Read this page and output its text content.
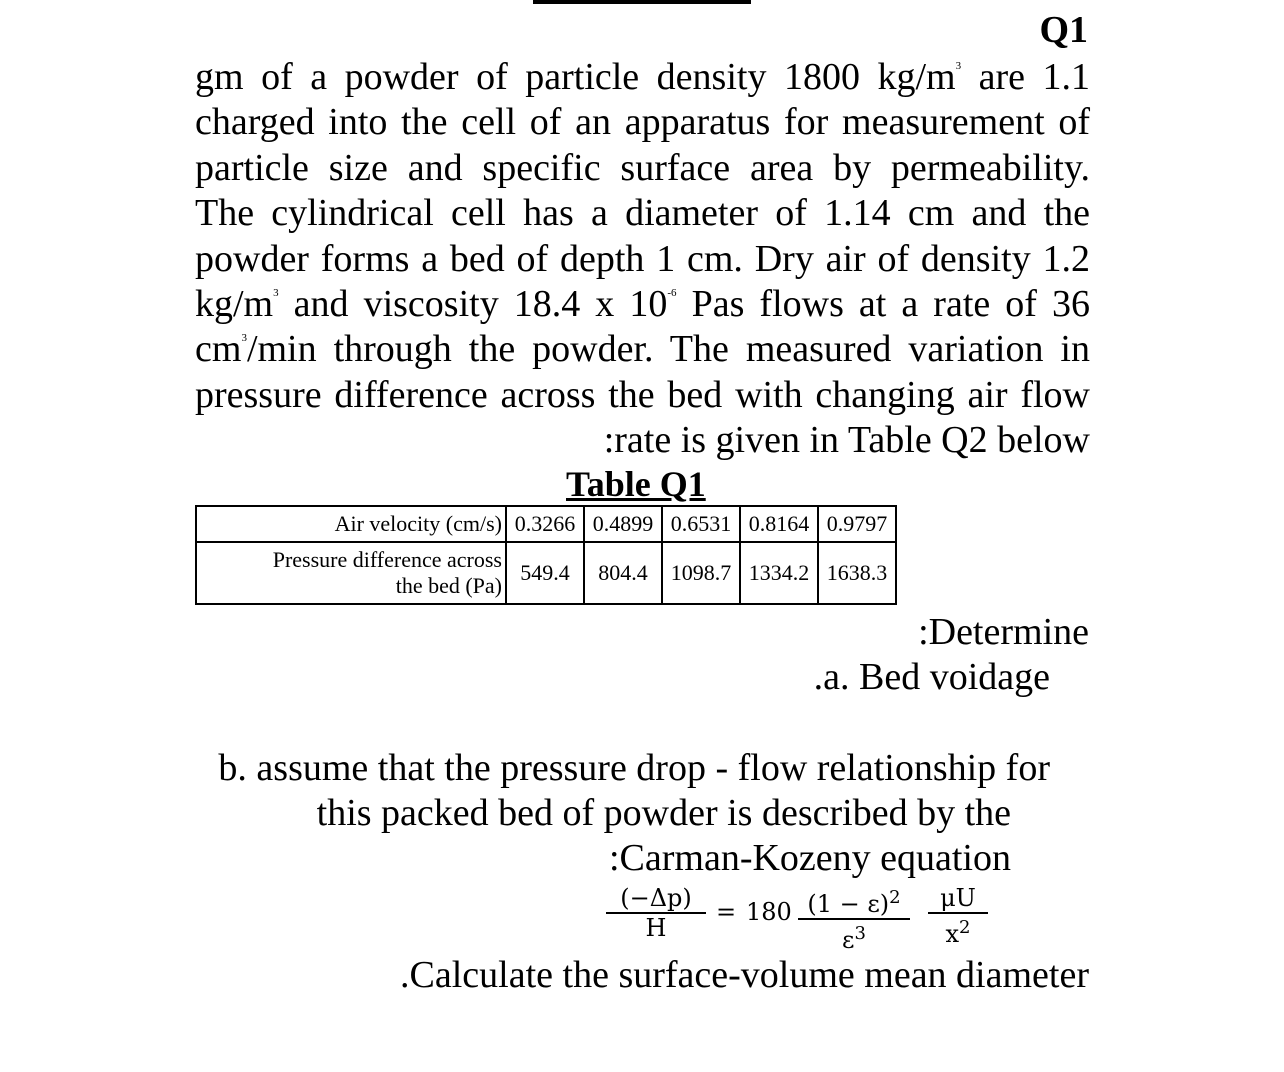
Q1
gm of a powder of particle density 1800 $kg/m^3$ are 1.1
charged into the cell of an apparatus for measurement of
particle size and specific surface area by permeability.
The cylindrical cell has a diameter of 1.14 cm and the
powder forms a bed of depth 1 cm. Dry air of density 1.2
$kg/m^3$ and viscosity 18.4 x $10^{-6}$ Pas flows at a rate of 36
$cm^3/\min$ through the powder. The measured variation in
pressure difference across the bed with changing air flow
:rate is given in Table Q2 below
Table Q1
Air velocity (cm/s)	0.3266	0.4899	0.6531	0.8164	0.9797
Pressure difference across
the bed (Pa)	549.4	804.4	1098.7	1334.2	1638.3
:Determine
.a. Bed voidage
b. assume that the pressure drop - flow relationship for
this packed bed of powder is described by the
:Carman-Kozeny equation
(−Δp)
H
= 180 $(1 - \varepsilon)^2$
$\varepsilon^3$
μU
$x^2$
.Calculate the surface-volume mean diameter
